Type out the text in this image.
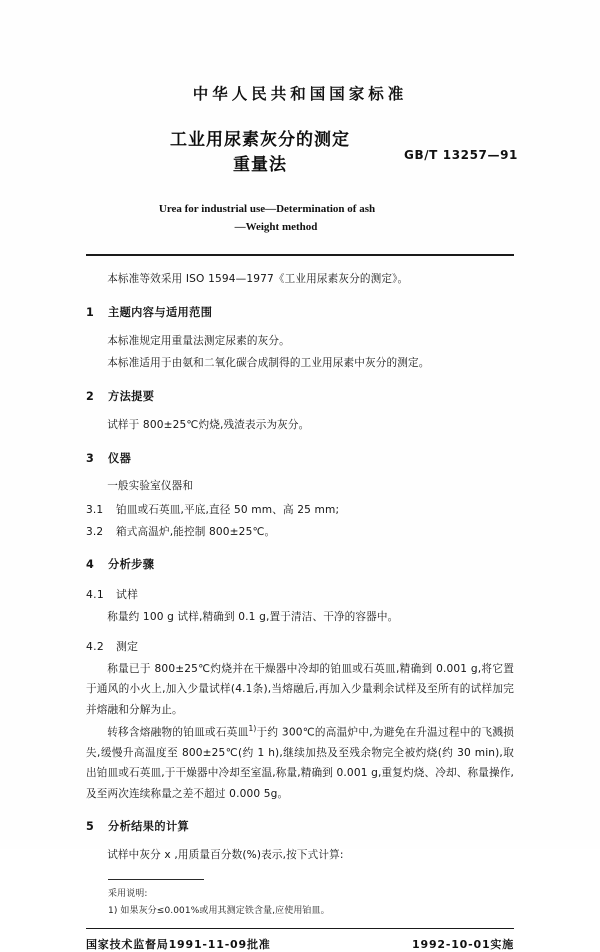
中华人民共和国国家标准
工业用尿素灰分的测定
重量法	GB/T 13257—91
Urea for industrial use—Determination of ash
—Weight method

本标准等效采用 ISO 1594—1977《工业用尿素灰分的测定》。

1 主题内容与适用范围

本标准规定用重量法测定尿素的灰分。

本标准适用于由氨和二氧化碳合成制得的工业用尿素中灰分的测定。

2 方法提要

试样于 800±25℃灼烧,残渣表示为灰分。

3 仪器

一般实验室仪器和

3.1 铂皿或石英皿,平底,直径 50 mm、高 25 mm;
3.2 箱式高温炉,能控制 800±25℃。
4 分析步骤
4.1 试样

称量约 100 g 试样,精确到 0.1 g,置于清洁、干净的容器中。

4.2 测定

称量已于 800±25℃灼烧并在干燥器中冷却的铂皿或石英皿,精确到 0.001 g,将它置于通风的小火上,加入少量试样(4.1条),当熔融后,再加入少量剩余试样及至所有的试样加完并熔融和分解为止。

转移含熔融物的铂皿或石英皿$^{1)}$于约 300℃的高温炉中,为避免在升温过程中的飞溅损失,缓慢升高温度至 800±25℃(约 1 h),继续加热及至残余物完全被灼烧(约 30 min),取出铂皿或石英皿,于干燥器中冷却至室温,称量,精确到 0.001 g,重复灼烧、冷却、称量操作,及至两次连续称量之差不超过 0.000 5g。

5 分析结果的计算

试样中灰分 x ,用质量百分数(%)表示,按下式计算:

采用说明:
1) 如果灰分≤0.001%或用其测定铁含量,应使用铂皿。
国家技术监督局1991-11-09批准	1992-10-01实施
